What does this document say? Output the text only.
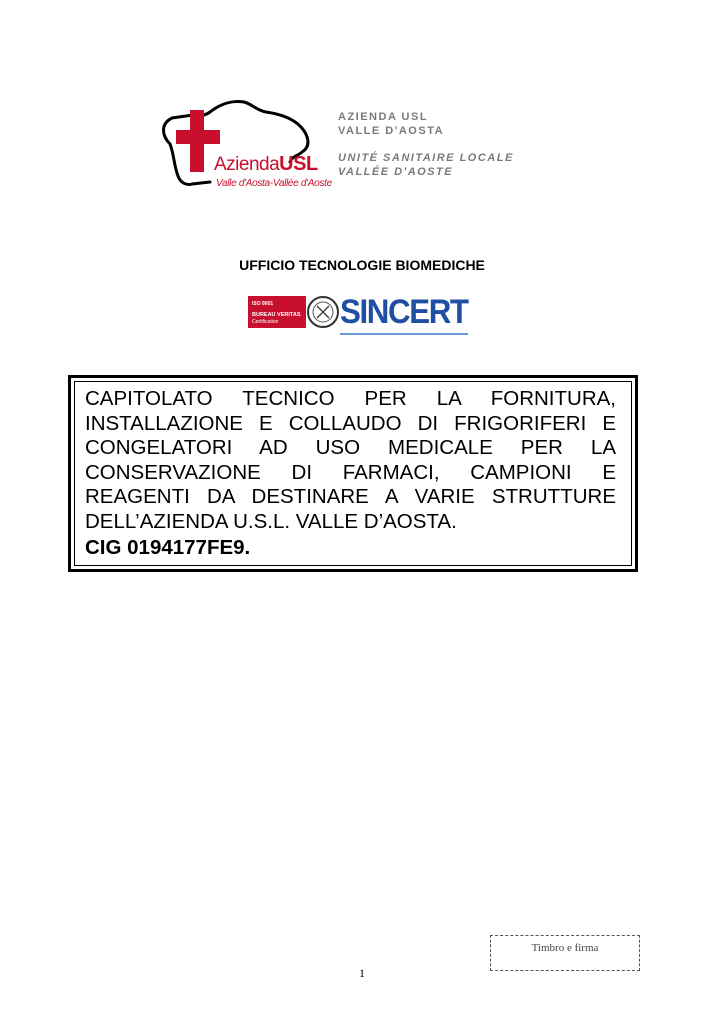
AziendaUSL
Valle d'Aosta-Vallée d'Aoste
AZIENDA USL
VALLE D'AOSTA
UNITÉ SANITAIRE LOCALE
VALLÉE D'AOSTE
UFFICIO TECNOLOGIE BIOMEDICHE
ISO 9001
BUREAU VERITAS
Certification SINCERT
CAPITOLATO TECNICO PER LA FORNITURA,
INSTALLAZIONE E COLLAUDO DI FRIGORIFERI E
CONGELATORI AD USO MEDICALE PER LA
CONSERVAZIONE DI FARMACI, CAMPIONI E
REAGENTI DA DESTINARE A VARIE STRUTTURE
DELL’AZIENDA U.S.L. VALLE D’AOSTA.
CIG 0194177FE9.
Timbro e firma
1
